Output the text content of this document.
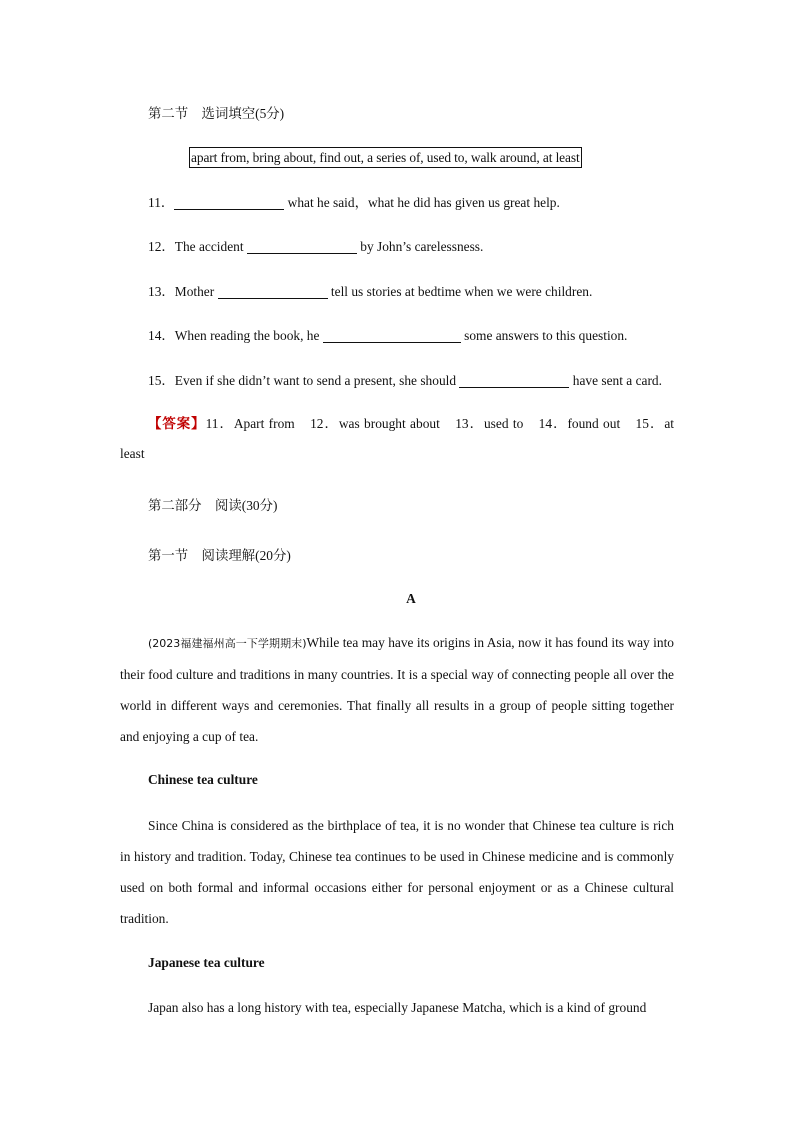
第二节　选词填空(5分)
apart from, bring about, find out, a series of, used to, walk around, at least
11．	what he said，what he did has given us great help.
12．The accident	by John’s carelessness.
13．Mother	tell us stories at bedtime when we were children.
14．When reading the book, he	some answers to this question.
15．Even if she didn’t want to send a present, she should	have sent a card.
【答案】11．Apart from　12．was brought about　13．used to　14．found out　15．at
least
第二部分　阅读(30分)
第一节　阅读理解(20分)
A

(2023福建福州高一下学期期末)While tea may have its origins in Asia, now it has found its way into their food culture and traditions in many countries. It is a special way of connecting people all over the world in different ways and ceremonies. That finally all results in a group of people sitting together and enjoying a cup of tea.

Chinese tea culture

Since China is considered as the birthplace of tea, it is no wonder that Chinese tea culture is rich in history and tradition. Today, Chinese tea continues to be used in Chinese medicine and is commonly used on both formal and informal occasions either for personal enjoyment or as a Chinese cultural tradition.

Japanese tea culture

Japan also has a long history with tea, especially Japanese Matcha, which is a kind of ground
